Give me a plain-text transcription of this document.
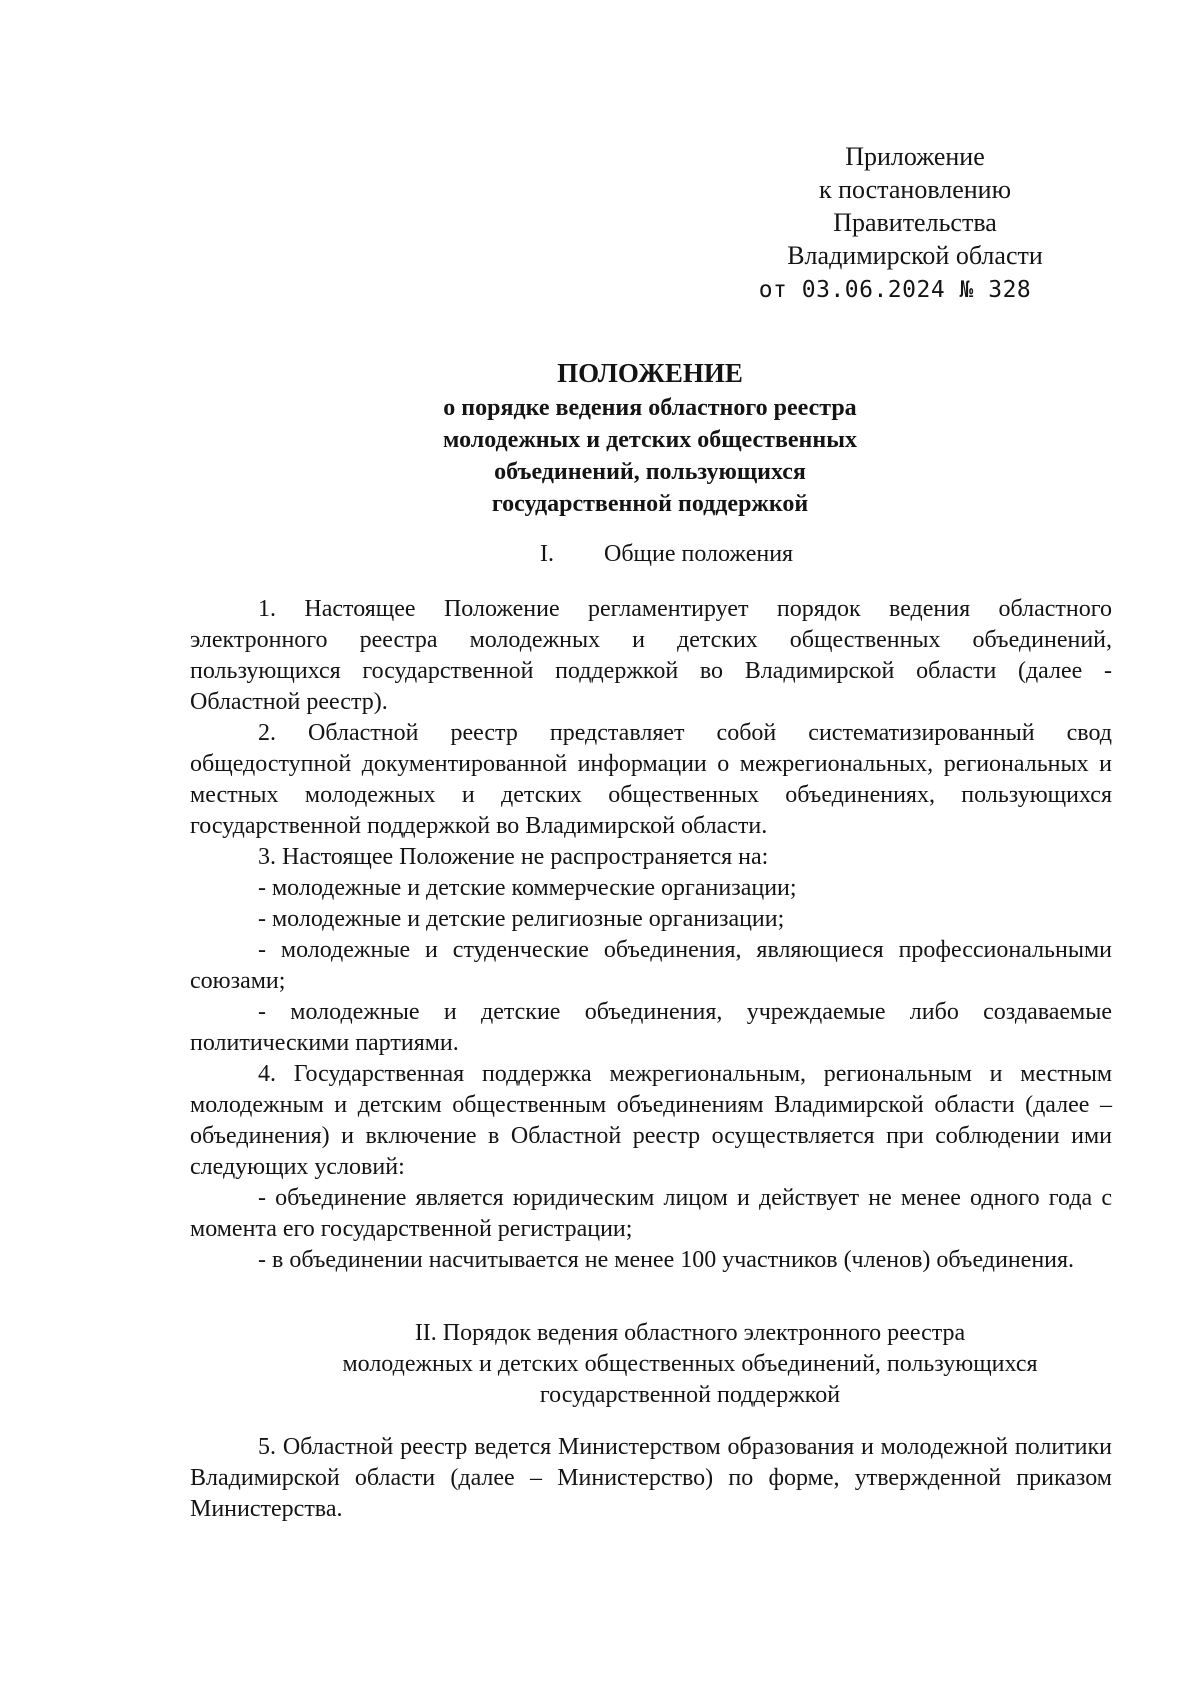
Приложение
к постановлению
Правительства
Владимирской области
от 03.06.2024 № 328
ПОЛОЖЕНИЕ
о порядке ведения областного реестра
молодежных и детских общественных
объединений, пользующихся
государственной поддержкой
I. Общие положения

1. Настоящее Положение регламентирует порядок ведения областного электронного реестра молодежных и детских общественных объединений, пользующихся государственной поддержкой во Владимирской области (далее - Областной реестр).

2. Областной реестр представляет собой систематизированный свод общедоступной документированной информации о межрегиональных, региональных и местных молодежных и детских общественных объединениях, пользующихся государственной поддержкой во Владимирской области.

3. Настоящее Положение не распространяется на:

- молодежные и детские коммерческие организации;

- молодежные и детские религиозные организации;

- молодежные и студенческие объединения, являющиеся профессиональными союзами;

- молодежные и детские объединения, учреждаемые либо создаваемые политическими партиями.

4. Государственная поддержка межрегиональным, региональным и местным молодежным и детским общественным объединениям Владимирской области (далее – объединения) и включение в Областной реестр осуществляется при соблюдении ими следующих условий:

- объединение является юридическим лицом и действует не менее одного года с момента его государственной регистрации;

- в объединении насчитывается не менее 100 участников (членов) объединения.

II. Порядок ведения областного электронного реестра
молодежных и детских общественных объединений, пользующихся
государственной поддержкой

5. Областной реестр ведется Министерством образования и молодежной политики Владимирской области (далее – Министерство) по форме, утвержденной приказом Министерства.
